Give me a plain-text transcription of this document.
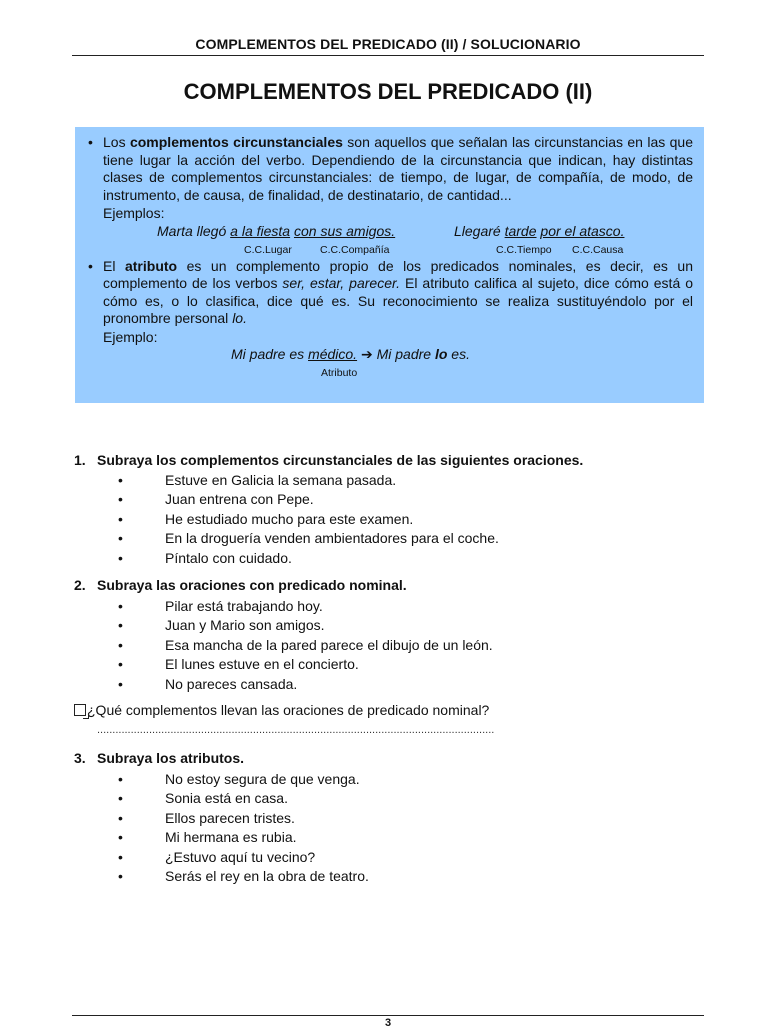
COMPLEMENTOS DEL PREDICADO (II) / SOLUCIONARIO
COMPLEMENTOS DEL PREDICADO (II)
• Los complementos circunstanciales son aquellos que señalan las circunstancias en las que tiene lugar la acción del verbo. Dependiendo de la circunstancia que indican, hay distintas clases de complementos circunstanciales: de tiempo, de lugar, de compañía, de modo, de instrumento, de causa, de finalidad, de destinatario, de cantidad...
Ejemplos:
Marta llegó a la fiesta con sus amigos.	Llegaré tarde por el atasco.
C.C.Lugar	C.C.Compañía	C.C.Tiempo C.C.Causa
• El atributo es un complemento propio de los predicados nominales, es decir, es un complemento de los verbos ser, estar, parecer. El atributo califica al sujeto, dice cómo está o cómo es, o lo clasifica, dice qué es. Su reconocimiento se realiza sustituyéndolo por el pronombre personal lo.
Ejemplo:
Mi padre es médico. ➔ Mi padre lo es.
Atributo
1. Subraya los complementos circunstanciales de las siguientes oraciones.
•	Estuve en Galicia la semana pasada.
•	Juan entrena con Pepe.
•	He estudiado mucho para este examen.
•	En la droguería venden ambientadores para el coche.
•	Píntalo con cuidado.
2. Subraya las oraciones con predicado nominal.
•	Pilar está trabajando hoy.
•	Juan y Mario son amigos.
•	Esa mancha de la pared parece el dibujo de un león.
•	El lunes estuve en el concierto.
•	No pareces cansada.
¿Qué complementos llevan las oraciones de predicado nominal?
..................................................................................................................................
3. Subraya los atributos.
•	No estoy segura de que venga.
•	Sonia está en casa.
•	Ellos parecen tristes.
•	Mi hermana es rubia.
•	¿Estuvo aquí tu vecino?
•	Serás el rey en la obra de teatro.
3
